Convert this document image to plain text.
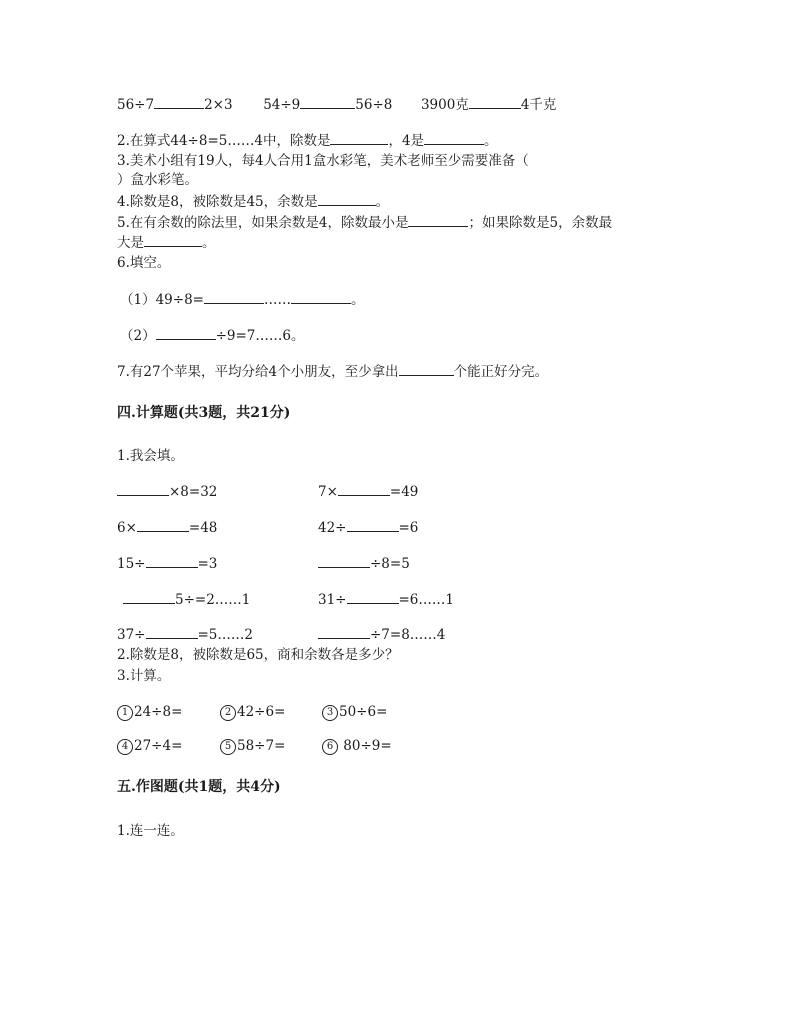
56÷7	2×3 54÷9	56÷8 3900克	4千克
2.在算式44÷8=5……4中，除数是	，4是	。
3.美术小组有19人，每4人合用1盒水彩笔，美术老师至少需要准备（
）盒水彩笔。
4.除数是8，被除数是45，余数是	。
5.在有余数的除法里，如果余数是4，除数最小是	；如果除数是5，余数最
大是	。
6.填空。
（1）49÷8=	……	。
（2）	÷9=7……6。
7.有27个苹果，平均分给4个小朋友，至少拿出	个能正好分完。
四.计算题(共3题，共21分)
1.我会填。
×8=32	7×	=49
6×	=48	42÷	=6
15÷	=3	÷8=5
5÷=2……1	31÷	=6……1
37÷	=5……2	÷7=8……4
2.除数是8，被除数是65，商和余数各是多少？
3.计算。
1 24÷8=	2 42÷6=	3 50÷6=
4 27÷4=	5 58÷7=	6 80÷9=
五.作图题(共1题，共4分)
1.连一连。
